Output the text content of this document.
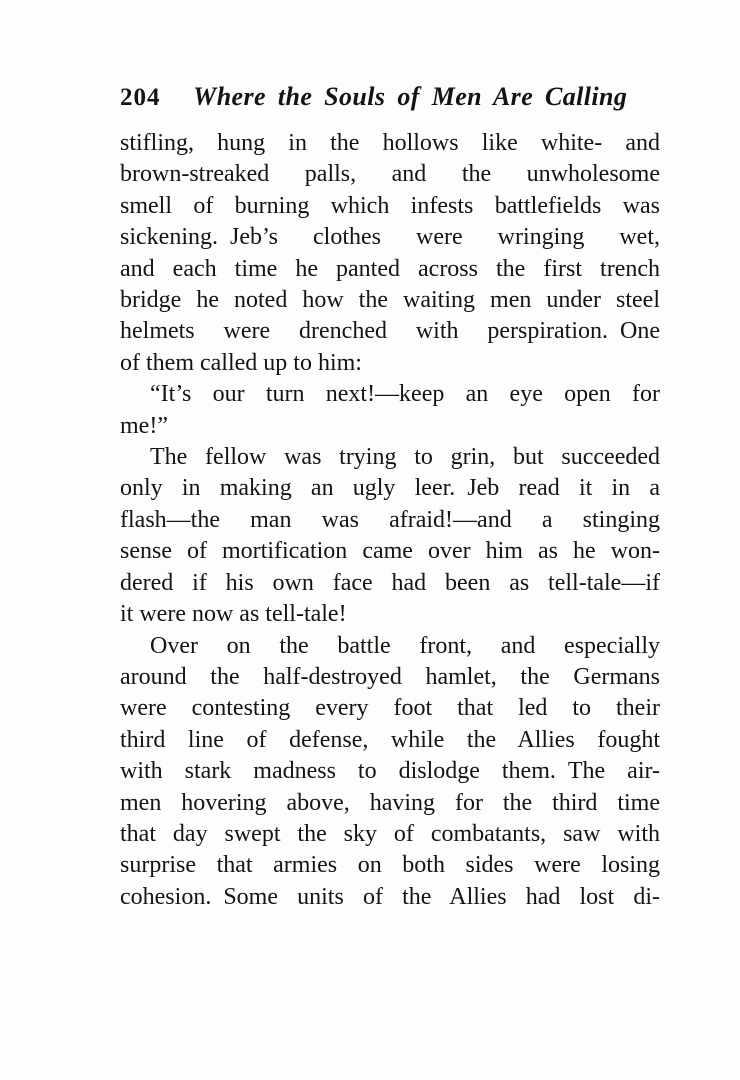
204	Where the Souls of Men Are Calling
stifling, hung in the hollows like white- and
brown-streaked palls, and the unwholesome
smell of burning which infests battlefields was
sickening. Jeb’s clothes were wringing wet,
and each time he panted across the first trench
bridge he noted how the waiting men under steel
helmets were drenched with perspiration. One
of them called up to him:
“It’s our turn next!—keep an eye open for
me!”
The fellow was trying to grin, but succeeded
only in making an ugly leer. Jeb read it in a
flash—the man was afraid!—and a stinging
sense of mortification came over him as he won-
dered if his own face had been as tell-tale—if
it were now as tell-tale!
Over on the battle front, and especially
around the half-destroyed hamlet, the Germans
were contesting every foot that led to their
third line of defense, while the Allies fought
with stark madness to dislodge them. The air-
men hovering above, having for the third time
that day swept the sky of combatants, saw with
surprise that armies on both sides were losing
cohesion. Some units of the Allies had lost di-
